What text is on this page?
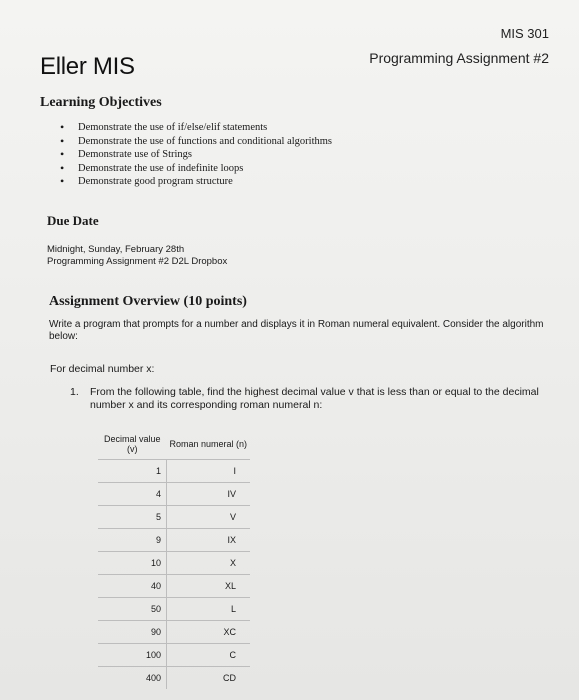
MIS 301
Programming Assignment #2
Eller MIS
Learning Objectives
• Demonstrate the use of if/else/elif statements
• Demonstrate the use of functions and conditional algorithms
• Demonstrate use of Strings
• Demonstrate the use of indefinite loops
• Demonstrate good program structure
Due Date
Midnight, Sunday, February 28th
Programming Assignment #2 D2L Dropbox
Assignment Overview (10 points)
Write a program that prompts for a number and displays it in Roman numeral equivalent. Consider the algorithm below:
For decimal number x:
1.	From the following table, find the highest decimal value v that is less than or equal to the decimal number x and its corresponding roman numeral n:
Decimal value (v)	Roman numeral (n)
1	I
4	IV
5	V
9	IX
10	X
40	XL
50	L
90	XC
100	C
400	CD
